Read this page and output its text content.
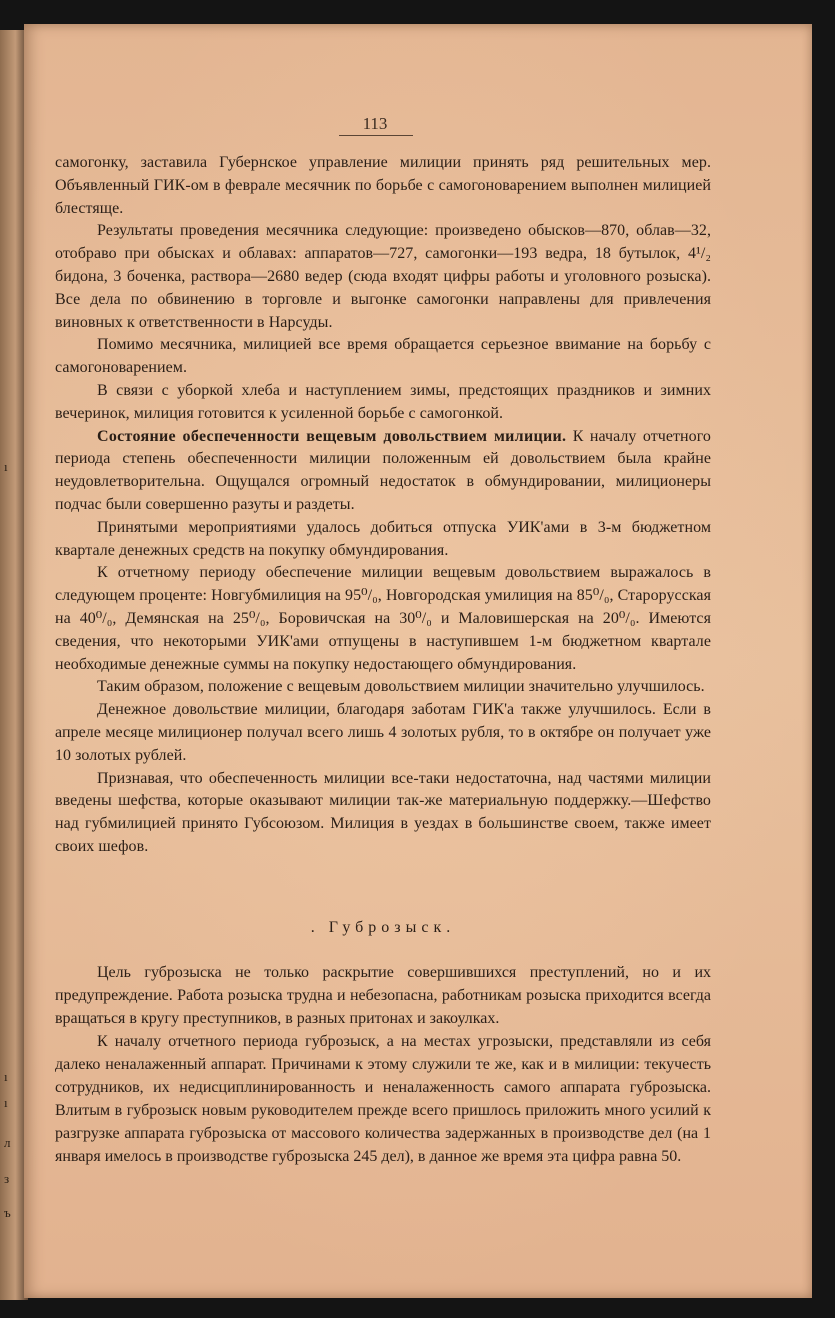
ı
ı
ı
л
з
ъ
113

самогонку, заставила Губернское управление милиции принять ряд решительных мер. Объявленный ГИК-ом в феврале месячник по борьбе с самогоноварением выполнен милицией блестяще.

Результаты проведения месячника следующие: произведено обысков—870, облав—32, отобраво при обысках и облавах: аппаратов—727, самогонки—193 ведра, 18 бутылок, 4¹/₂ бидона, 3 боченка, раствора—2680 ведер (сюда входят цифры работы и уголовного розыска). Все дела по обвинению в торговле и выгонке самогонки направлены для привлечения виновных к ответственности в Нарсуды.

Помимо месячника, милицией все время обращается серьезное ввимание на борьбу с самогоноварением.

В связи с уборкой хлеба и наступлением зимы, предстоящих праздников и зимних вечеринок, милиция готовится к усиленной борьбе с самогонкой.

Состояние обеспеченности вещевым довольствием милиции. К началу отчетного периода степень обеспеченности милиции положенным ей довольствием была крайне неудовлетворительна. Ощущался огромный недостаток в обмундировании, милиционеры подчас были совершенно разуты и раздеты.

Принятыми мероприятиями удалось добиться отпуска УИК'ами в 3-м бюджетном квартале денежных средств на покупку обмундирования.

К отчетному периоду обеспечение милиции вещевым довольствием выражалось в следующем проценте: Новгубмилиция на 95⁰/₀, Новгородская умилиция на 85⁰/₀, Старорусская на 40⁰/₀, Демянская на 25⁰/₀, Боровичская на 30⁰/₀ и Маловишерская на 20⁰/₀. Имеются сведения, что некоторыми УИК'ами отпущены в наступившем 1-м бюджетном квартале необходимые денежные суммы на покупку недостающего обмундирования.

Таким образом, положение с вещевым довольствием милиции значительно улучшилось.

Денежное довольствие милиции, благодаря заботам ГИК'а также улучшилось. Если в апреле месяце милиционер получал всего лишь 4 золотых рубля, то в октябре он получает уже 10 золотых рублей.

Признавая, что обеспеченность милиции все-таки недостаточна, над частями милиции введены шефства, которые оказывают милиции так-же материальную поддержку.—Шефство над губмилицией принято Губсоюзом. Милиция в уездах в большинстве своем, также имеет своих шефов.

. Губрозыск.

Цель губрозыска не только раскрытие совершившихся преступлений, но и их предупреждение. Работа розыска трудна и небезопасна, работникам розыска приходится всегда вращаться в кругу преступников, в разных притонах и закоулках.

К началу отчетного периода губрозыск, а на местах угрозыски, представляли из себя далеко неналаженный аппарат. Причинами к этому служили те же, как и в милиции: текучесть сотрудников, их недисциплинированность и неналаженность самого аппарата губрозыска. Влитым в губрозыск новым руководителем прежде всего пришлось приложить много усилий к разгрузке аппарата губрозыска от массового количества задержанных в производстве дел (на 1 января имелось в производстве губрозыска 245 дел), в данное же время эта цифра равна 50.
